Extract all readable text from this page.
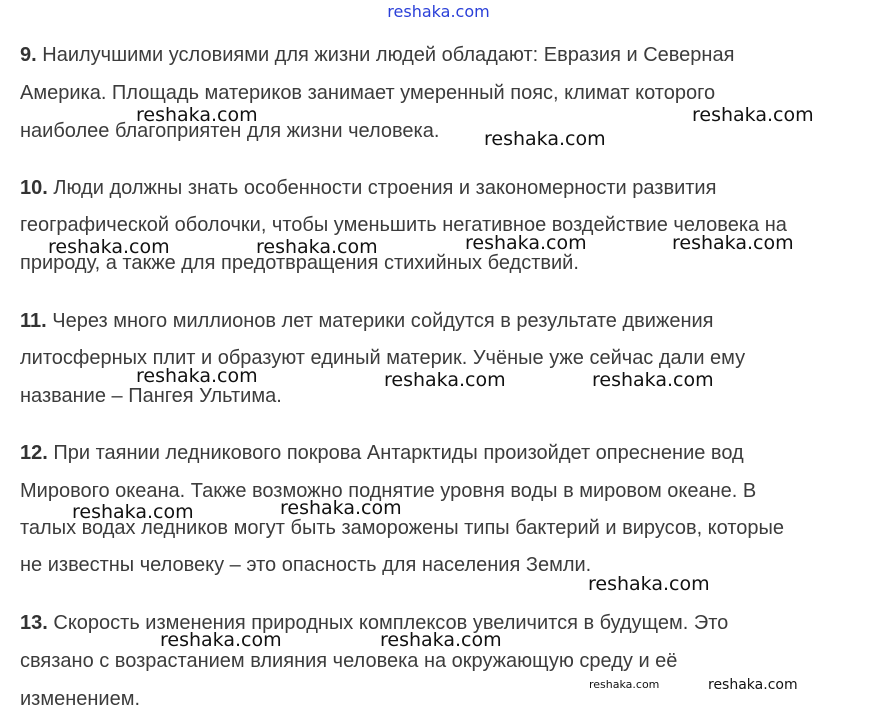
reshaka.com
9. Наилучшими условиями для жизни людей обладают: Евразия и Северная
Америка. Площадь материков занимает умеренный пояс, климат которого
наиболее благоприятен для жизни человека.
10. Люди должны знать особенности строения и закономерности развития
географической оболочки, чтобы уменьшить негативное воздействие человека на
природу, а также для предотвращения стихийных бедствий.
11. Через много миллионов лет материки сойдутся в результате движения
литосферных плит и образуют единый материк. Учёные уже сейчас дали ему
название – Пангея Ультима.
12. При таянии ледникового покрова Антарктиды произойдет опреснение вод
Мирового океана. Также возможно поднятие уровня воды в мировом океане. В
талых водах ледников могут быть заморожены типы бактерий и вирусов, которые
не известны человеку – это опасность для населения Земли.
13. Скорость изменения природных комплексов увеличится в будущем. Это
связано с возрастанием влияния человека на окружающую среду и её
изменением.
reshaka.com	reshaka.com
reshaka.com
reshaka.com	reshaka.com	reshaka.com	reshaka.com
reshaka.com	reshaka.com	reshaka.com
reshaka.com
reshaka.com
reshaka.com
reshaka.com	reshaka.com
reshaka.com	reshaka.com
